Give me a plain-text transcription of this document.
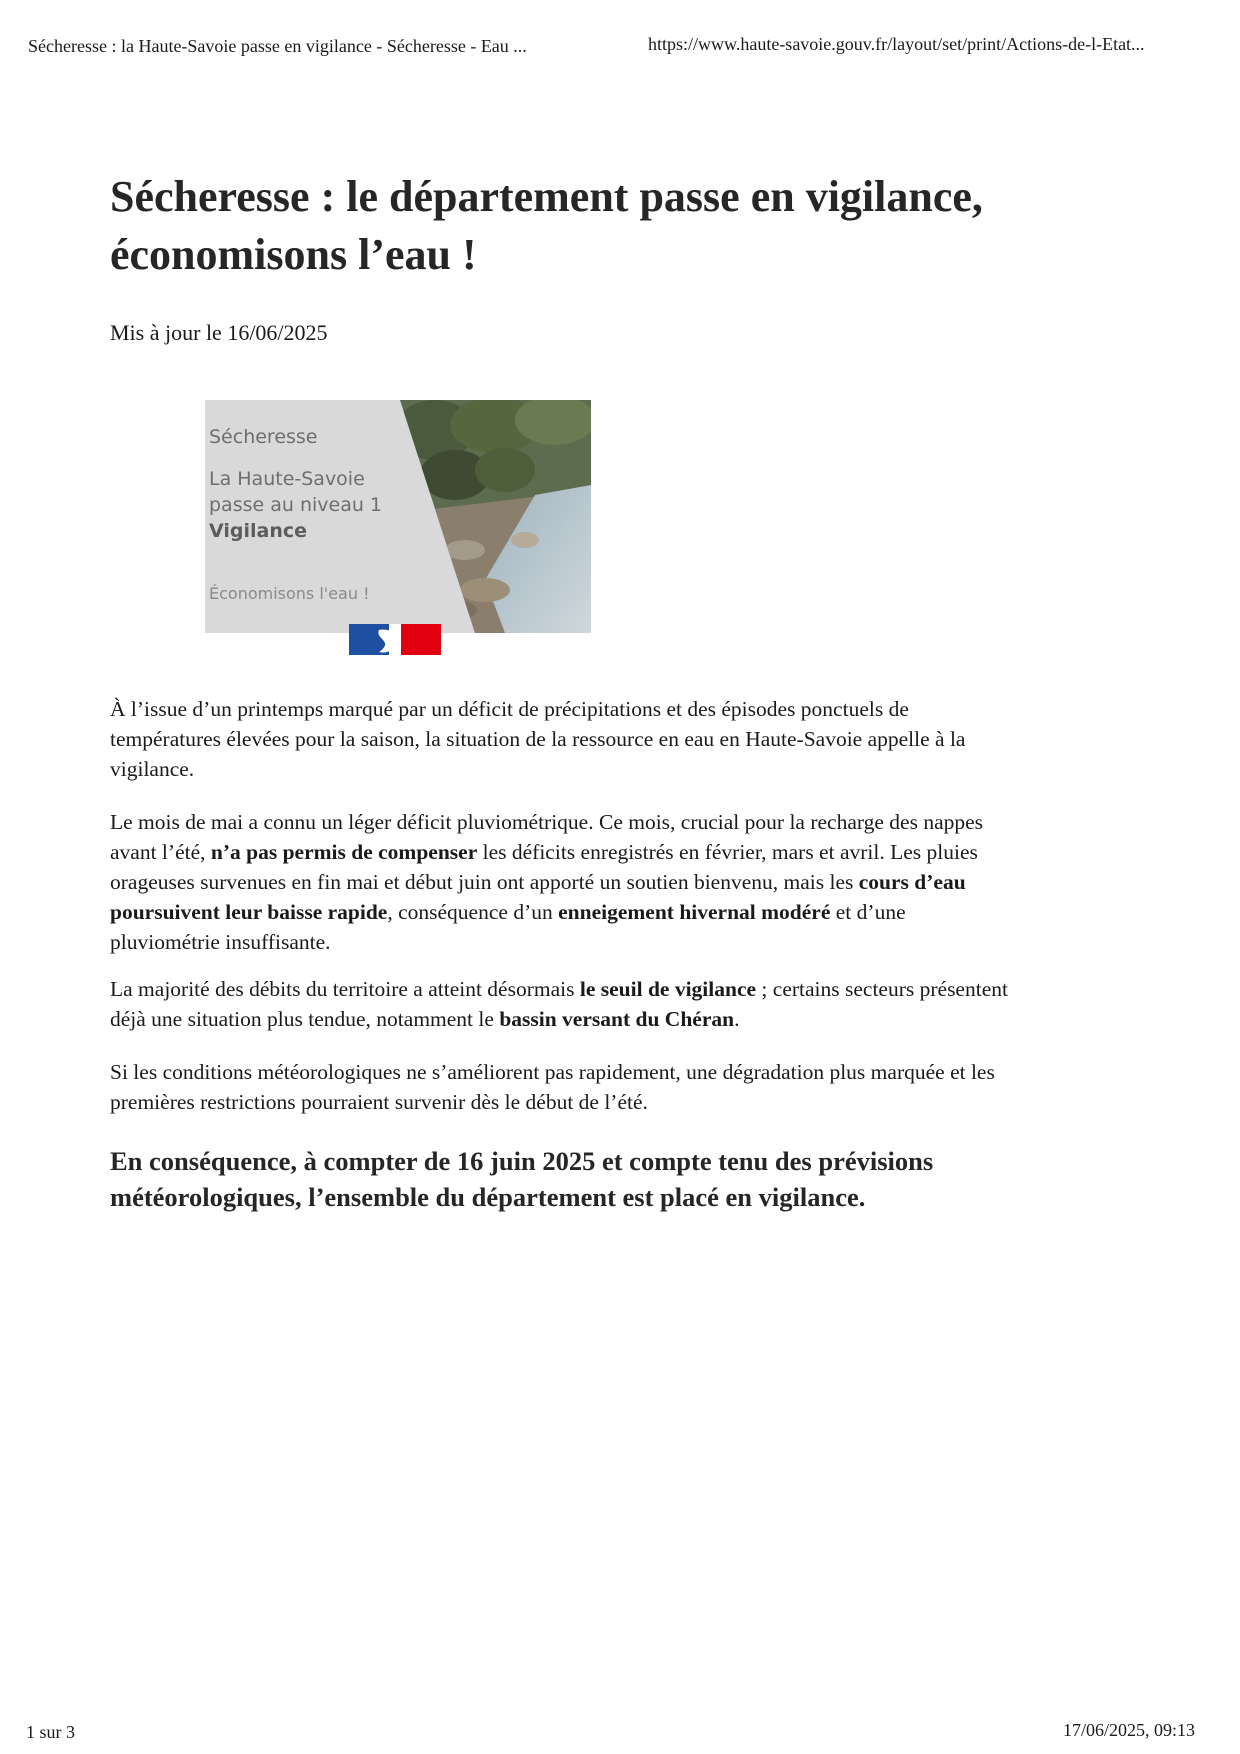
Sécheresse : la Haute-Savoie passe en vigilance - Sécheresse - Eau ...	https://www.haute-savoie.gouv.fr/layout/set/print/Actions-de-l-Etat...
Sécheresse : le département passe en vigilance,
économisons l’eau !
Mis à jour le 16/06/2025
Sécheresse
La Haute-Savoie
passe au niveau 1
Vigilance
Économisons l'eau !

À l’issue d’un printemps marqué par un déficit de précipitations et des épisodes ponctuels de
températures élevées pour la saison, la situation de la ressource en eau en Haute-Savoie appelle à la
vigilance.

Le mois de mai a connu un léger déficit pluviométrique. Ce mois, crucial pour la recharge des nappes
avant l’été, n’a pas permis de compenser les déficits enregistrés en février, mars et avril. Les pluies
orageuses survenues en fin mai et début juin ont apporté un soutien bienvenu, mais les cours d’eau
poursuivent leur baisse rapide, conséquence d’un enneigement hivernal modéré et d’une
pluviométrie insuffisante.

La majorité des débits du territoire a atteint désormais le seuil de vigilance ; certains secteurs présentent
déjà une situation plus tendue, notamment le bassin versant du Chéran.

Si les conditions météorologiques ne s’améliorent pas rapidement, une dégradation plus marquée et les
premières restrictions pourraient survenir dès le début de l’été.

En conséquence, à compter de 16 juin 2025 et compte tenu des prévisions
météorologiques, l’ensemble du département est placé en vigilance.

1 sur 3	17/06/2025, 09:13
